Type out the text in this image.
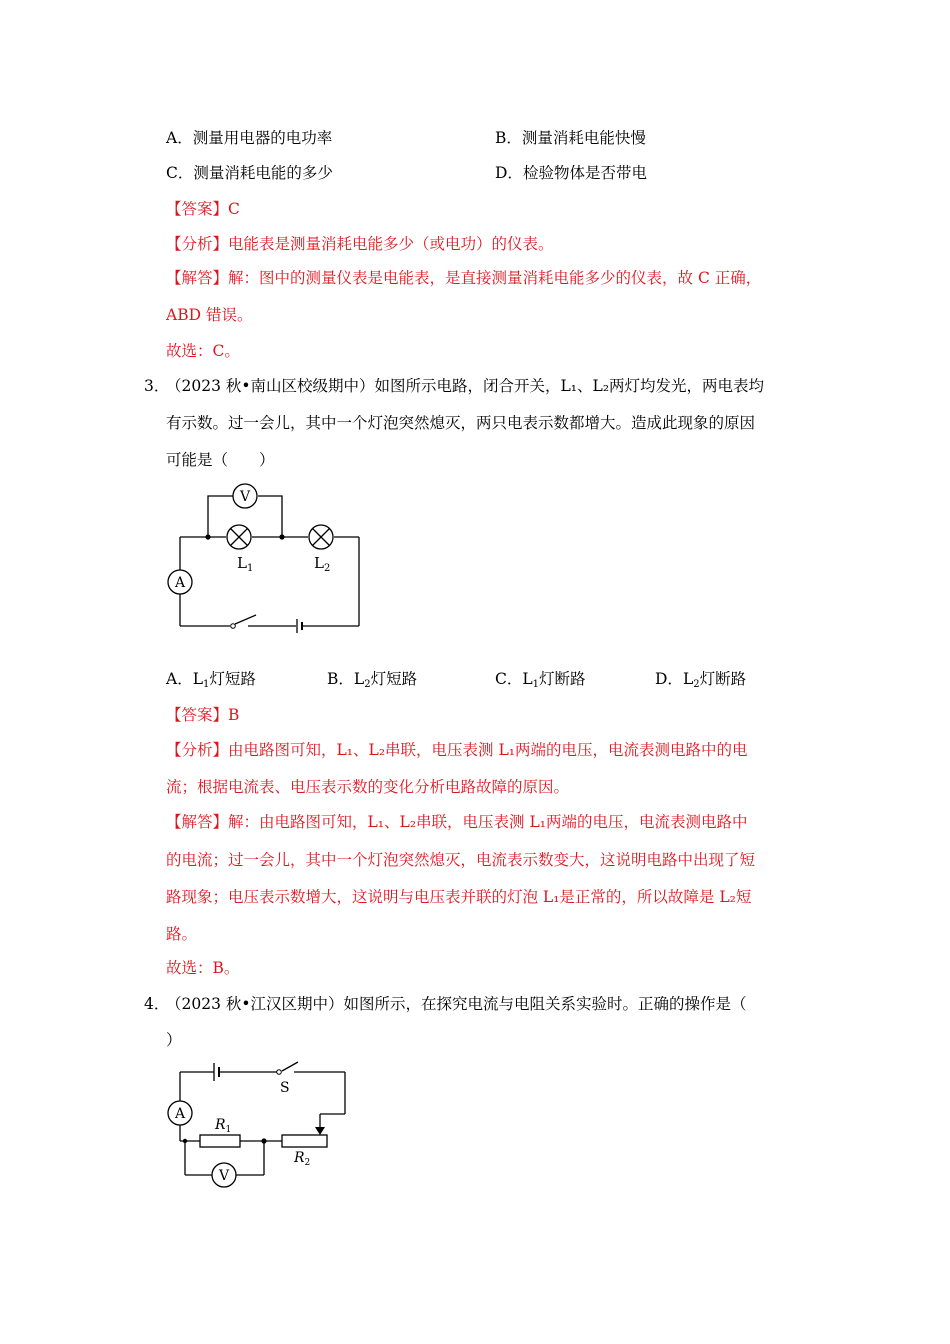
A．测量用电器的电功率	B．测量消耗电能快慢
C．测量消耗电能的多少	D．检验物体是否带电
【答案】C
【分析】电能表是测量消耗电能多少（或电功）的仪表。
【解答】解：图中的测量仪表是电能表，是直接测量消耗电能多少的仪表，故 C 正确，
ABD 错误。
故选：C。
3．
（2023 秋•南山区校级期中）如图所示电路，闭合开关，L₁、L₂两灯均发光，两电表均
有示数。过一会儿，其中一个灯泡突然熄灭，两只电表示数都增大。造成此现象的原因
可能是（　　）
V
A
$L_1$	$L_2$
A．$L_1$灯短路	B．$L_2$灯短路	C．$L_1$灯断路	D．$L_2$灯断路
【答案】B
【分析】由电路图可知，L₁、L₂串联，电压表测 L₁两端的电压，电流表测电路中的电
流；根据电流表、电压表示数的变化分析电路故障的原因。
【解答】解：由电路图可知，L₁、L₂串联，电压表测 L₁两端的电压，电流表测电路中
的电流；过一会儿，其中一个灯泡突然熄灭，电流表示数变大，这说明电路中出现了短
路现象；电压表示数增大，这说明与电压表并联的灯泡 L₁是正常的，所以故障是 L₂短
路。
故选：B。
4．
（2023 秋•江汉区期中）如图所示，在探究电流与电阻关系实验时。正确的操作是（
）
A
V
S
$R_1$
$R_2$
